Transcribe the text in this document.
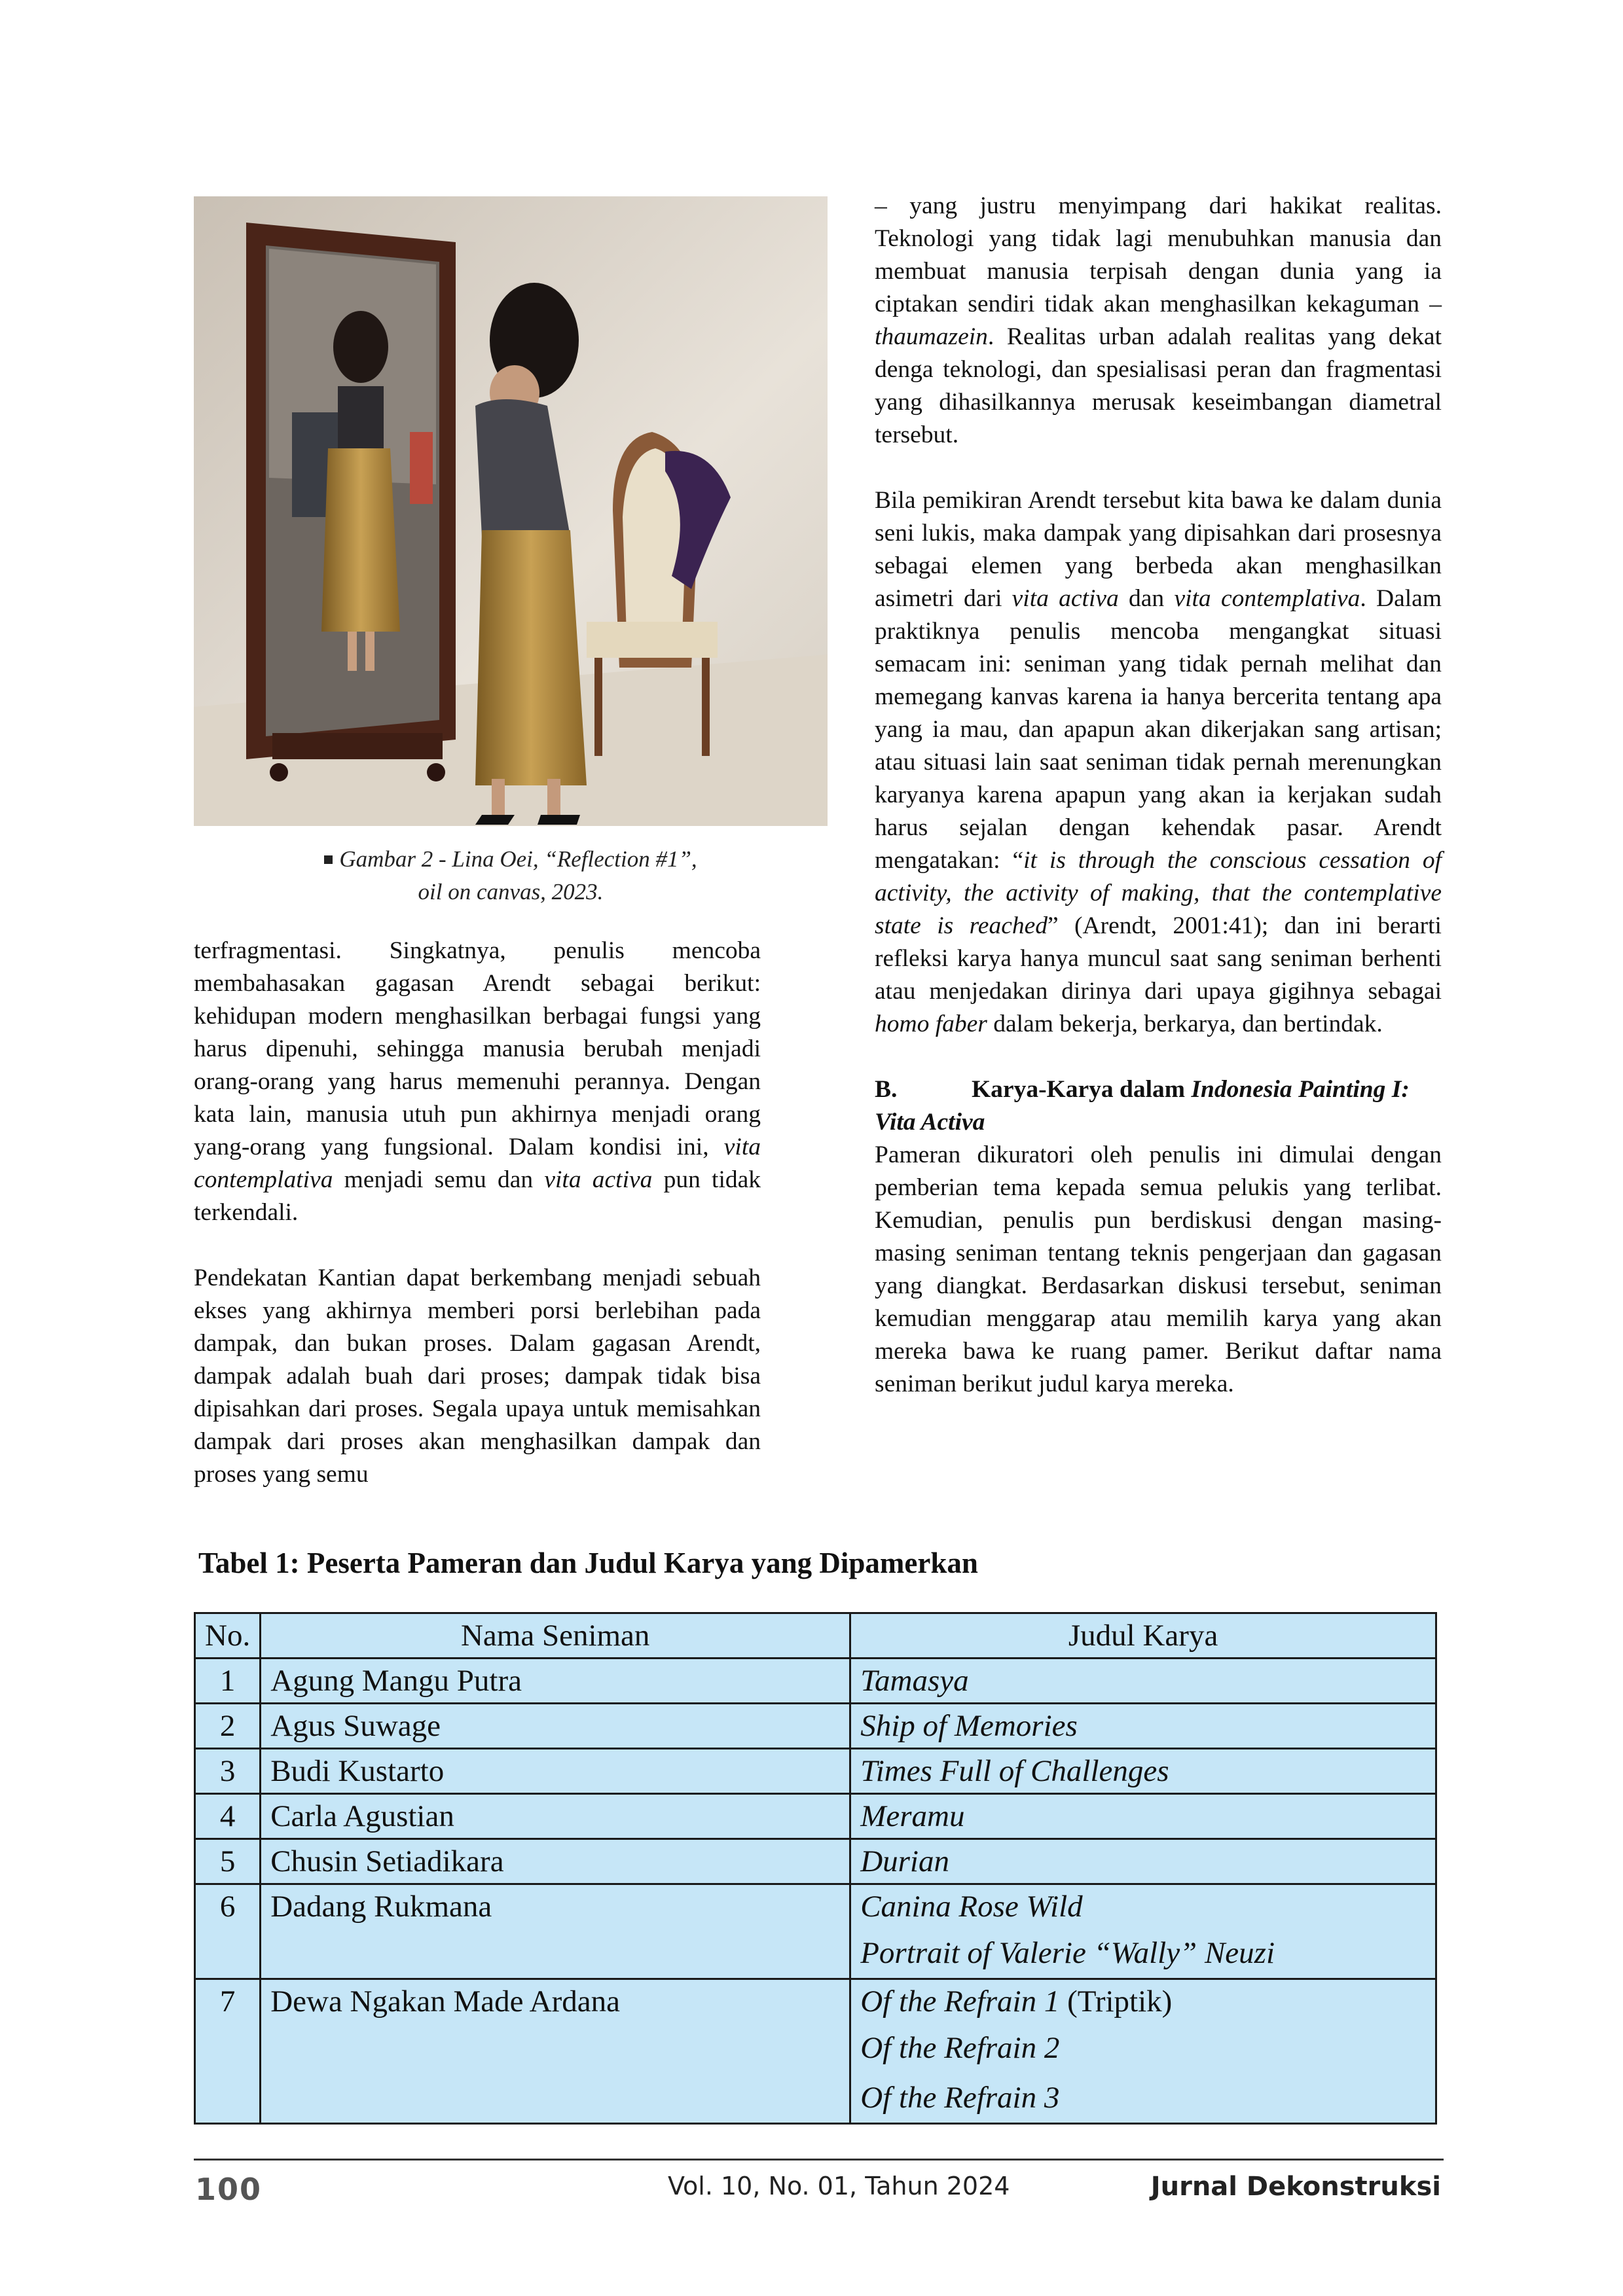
Gambar 2 - Lina Oei, “Reflection #1”,
oil on canvas, 2023.

terfragmentasi. Singkatnya, penulis mencoba membahasakan gagasan Arendt sebagai berikut: kehidupan modern menghasilkan berbagai fungsi yang harus dipenuhi, sehingga manusia berubah menjadi orang-orang yang harus memenuhi perannya. Dengan kata lain, manusia utuh pun akhirnya menjadi orang yang-orang yang fungsional. Dalam kondisi ini, vita contemplativa menjadi semu dan vita activa pun tidak terkendali.

Pendekatan Kantian dapat berkembang menjadi sebuah ekses yang akhirnya memberi porsi berlebihan pada dampak, dan bukan proses. Dalam gagasan Arendt, dampak adalah buah dari proses; dampak tidak bisa dipisahkan dari proses. Segala upaya untuk memisahkan dampak dari proses akan menghasilkan dampak dan proses yang semu

– yang justru menyimpang dari hakikat realitas. Teknologi yang tidak lagi menubuhkan manusia dan membuat manusia terpisah dengan dunia yang ia ciptakan sendiri tidak akan menghasilkan kekaguman – thaumazein. Realitas urban adalah realitas yang dekat denga teknologi, dan spesialisasi peran dan fragmentasi yang dihasilkannya merusak keseimbangan diametral tersebut.

Bila pemikiran Arendt tersebut kita bawa ke dalam dunia seni lukis, maka dampak yang dipisahkan dari prosesnya sebagai elemen yang berbeda akan menghasilkan asimetri dari vita activa dan vita contemplativa. Dalam praktiknya penulis mencoba mengangkat situasi semacam ini: seniman yang tidak pernah melihat dan memegang kanvas karena ia hanya bercerita tentang apa yang ia mau, dan apapun akan dikerjakan sang artisan; atau situasi lain saat seniman tidak pernah merenungkan karyanya karena apapun yang akan ia kerjakan sudah harus sejalan dengan kehendak pasar. Arendt mengatakan: “it is through the conscious cessation of activity, the activity of making, that the contemplative state is reached” (Arendt, 2001:41); dan ini berarti refleksi karya hanya muncul saat sang seniman berhenti atau menjedakan dirinya dari upaya gigihnya sebagai homo faber dalam bekerja, berkarya, dan bertindak.

B.	Karya-Karya dalam Indonesia Painting I: Vita Activa

Pameran dikuratori oleh penulis ini dimulai dengan pemberian tema kepada semua pelukis yang terlibat. Kemudian, penulis pun berdiskusi dengan masing-masing seniman tentang teknis pengerjaan dan gagasan yang diangkat. Berdasarkan diskusi tersebut, seniman kemudian menggarap atau memilih karya yang akan mereka bawa ke ruang pamer. Berikut daftar nama seniman berikut judul karya mereka.

Tabel 1: Peserta Pameran dan Judul Karya yang Dipamerkan
No.	Nama Seniman	Judul Karya
1	Agung Mangu Putra	Tamasya

2	Agus Suwage	Ship of Memories

3	Budi Kustarto	Times Full of Challenges

4	Carla Agustian	Meramu

5	Chusin Setiadikara	Durian

6	Dadang Rukmana	Canina Rose Wild
Portrait of Valerie “Wally” Neuzi

7	Dewa Ngakan Made Ardana	Of the Refrain 1 (Triptik)
Of the Refrain 2
Of the Refrain 3
100	Vol. 10, No. 01, Tahun 2024	Jurnal Dekonstruksi
